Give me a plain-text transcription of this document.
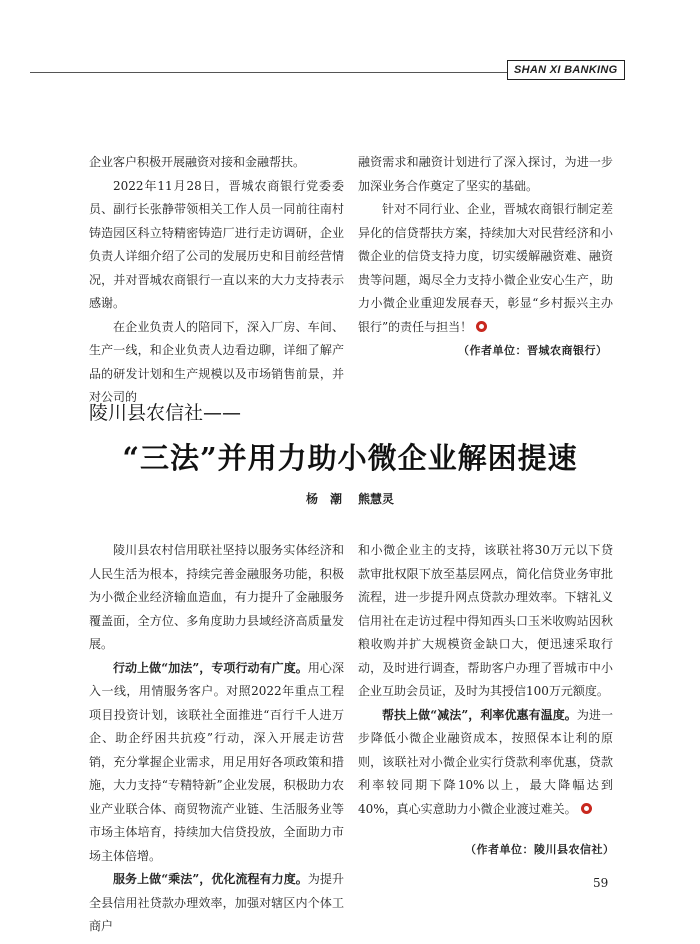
SHAN XI BANKING

企业客户积极开展融资对接和金融帮扶。

2022年11月28日，晋城农商银行党委委员、副行长张静带领相关工作人员一同前往南村铸造园区科立特精密铸造厂进行走访调研，企业负责人详细介绍了公司的发展历史和目前经营情况，并对晋城农商银行一直以来的大力支持表示感谢。

在企业负责人的陪同下，深入厂房、车间、生产一线，和企业负责人边看边聊，详细了解产品的研发计划和生产规模以及市场销售前景，并对公司的

融资需求和融资计划进行了深入探讨，为进一步加深业务合作奠定了坚实的基础。

针对不同行业、企业，晋城农商银行制定差异化的信贷帮扶方案，持续加大对民营经济和小微企业的信贷支持力度，切实缓解融资难、融资贵等问题，竭尽全力支持小微企业安心生产，助力小微企业重迎发展春天，彰显“乡村振兴主办银行”的责任与担当！

（作者单位：晋城农商银行）
陵川县农信社——
“三法”并用力助小微企业解困提速
杨　潮 熊慧灵

陵川县农村信用联社坚持以服务实体经济和人民生活为根本，持续完善金融服务功能，积极为小微企业经济输血造血，有力提升了金融服务覆盖面，全方位、多角度助力县域经济高质量发展。

行动上做“加法”，专项行动有广度。用心深入一线，用情服务客户。对照2022年重点工程项目投资计划，该联社全面推进“百行千人进万企、助企纾困共抗疫”行动，深入开展走访营销，充分掌握企业需求，用足用好各项政策和措施，大力支持“专精特新”企业发展，积极助力农业产业联合体、商贸物流产业链、生活服务业等市场主体培育，持续加大信贷投放，全面助力市场主体倍增。

服务上做“乘法”，优化流程有力度。为提升全县信用社贷款办理效率，加强对辖区内个体工商户

和小微企业主的支持，该联社将30万元以下贷款审批权限下放至基层网点，简化信贷业务审批流程，进一步提升网点贷款办理效率。下辖礼义信用社在走访过程中得知西头口玉米收购站因秋粮收购并扩大规模资金缺口大，便迅速采取行动，及时进行调查，帮助客户办理了晋城市中小企业互助会员证，及时为其授信100万元额度。

帮扶上做“减法”，利率优惠有温度。为进一步降低小微企业融资成本，按照保本让利的原则，该联社对小微企业实行贷款利率优惠，贷款利率较同期下降10%以上，最大降幅达到40%，真心实意助力小微企业渡过难关。

（作者单位：陵川县农信社）
59
